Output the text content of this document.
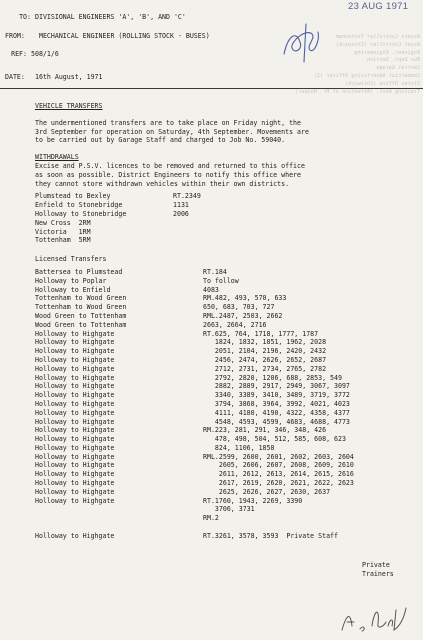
23 AUG 1971
Assets Controller Tottenham
Asset Controller (Chiswick)
Engineer, Engineering
Bus Dept. Section
Central Garage
Commercial Advertising Officer (2)
Stores Office (Chiswick)
Training Asst. (Attention of Mr. Hooper)
TO: DIVISIONAL ENGINEERS 'A', 'B', AND 'C'
FROM: MECHANICAL ENGINEER (ROLLING STOCK - BUSES)
REF: 508/1/6
DATE: 16th August, 1971
VEHICLE TRANSFERS
The undermentioned transfers are to take place on Friday night, the
3rd September for operation on Saturday, 4th September. Movements are
to be carried out by Garage Staff and charged to Job No. 59040.
WITHDRAWALS
Excise and P.S.V. licences to be removed and returned to this office
as soon as possible. District Engineers to notify this office where
they cannot store withdrawn vehicles within their own districts.
Plumstead to Bexley	RT.2349
Enfield to Stonebridge	1131
Holloway to Stonebridge	2006
New Cross  2RM
Victoria   1RM
Tottenham  5RM
Licensed Transfers
Battersea to Plumstead	RT.184
Holloway to Poplar	To follow
Holloway to Enfield	4083
Tottenham to Wood Green	RM.482, 493, 570, 633
Tottenham to Wood Green	650, 683, 703, 727
Wood Green to Tottenham	RML.2487, 2503, 2662
Wood Green to Tottenham	2663, 2664, 2716
Holloway to Highgate	RT.625, 764, 1718, 1777, 1787
Holloway to Highgate	1824, 1832, 1851, 1962, 2028
Holloway to Highgate	2051, 2104, 2196, 2420, 2432
Holloway to Highgate	2456, 2474, 2626, 2652, 2687
Holloway to Highgate	2712, 2731, 2734, 2765, 2782
Holloway to Highgate	2792, 2820, 1206, 688, 2853, 549
Holloway to Highgate	2882, 2889, 2917, 2949, 3067, 3097
Holloway to Highgate	3340, 3389, 3410, 3489, 3719, 3772
Holloway to Highgate	3794, 3868, 3964, 3992, 4021, 4023
Holloway to Highgate	4111, 4180, 4190, 4322, 4358, 4377
Holloway to Highgate	4548, 4593, 4599, 4683, 4688, 4773
Holloway to Highgate	RM.223, 281, 291, 346, 348, 426
Holloway to Highgate	478, 498, 504, 512, 585, 608, 623
Holloway to Highgate	824, 1106, 1858
Holloway to Highgate	RML.2599, 2600, 2601, 2602, 2603, 2604
Holloway to Highgate	2605, 2606, 2607, 2608, 2609, 2610
Holloway to Highgate	2611, 2612, 2613, 2614, 2615, 2616
Holloway to Highgate	2617, 2619, 2620, 2621, 2622, 2623
Holloway to Highgate	2625, 2626, 2627, 2630, 2637
Holloway to Highgate	RT.1760, 1943, 2269, 3390
3706, 3731
RM.2
Holloway to Highgate	RT.3261, 3578, 3593  Private Staff
Private
Trainers
